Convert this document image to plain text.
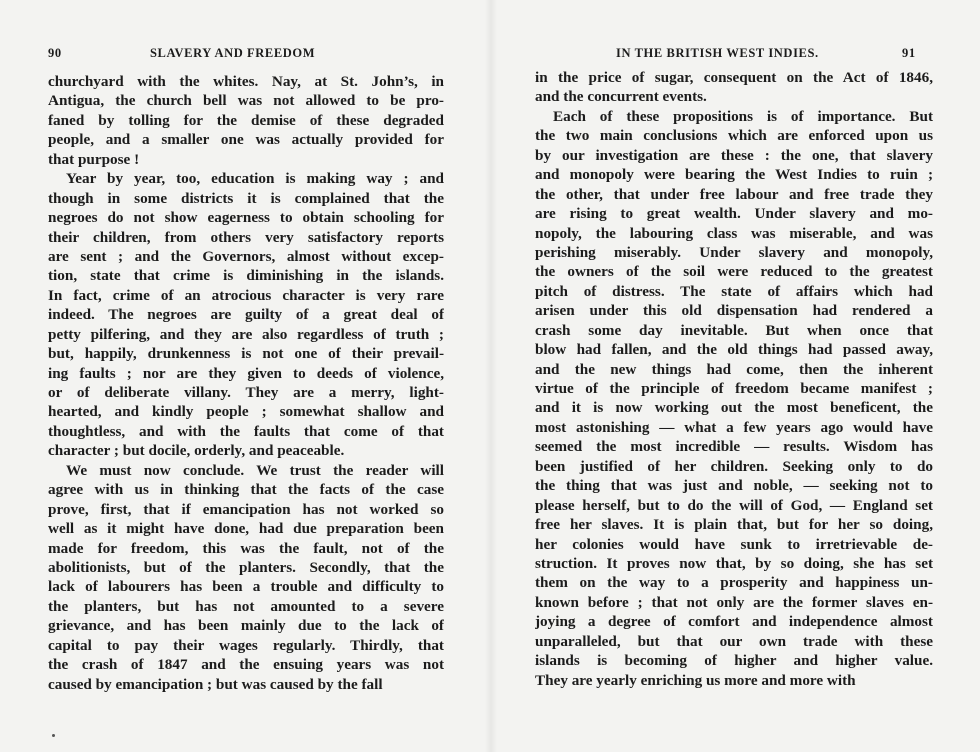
90	SLAVERY AND FREEDOM
churchyard with the whites. Nay, at St. John’s, in
Antigua, the church bell was not allowed to be pro-
faned by tolling for the demise of these degraded
people, and a smaller one was actually provided for
that purpose !
Year by year, too, education is making way ; and
though in some districts it is complained that the
negroes do not show eagerness to obtain schooling for
their children, from others very satisfactory reports
are sent ; and the Governors, almost without excep-
tion, state that crime is diminishing in the islands.
In fact, crime of an atrocious character is very rare
indeed. The negroes are guilty of a great deal of
petty pilfering, and they are also regardless of truth ;
but, happily, drunkenness is not one of their prevail-
ing faults ; nor are they given to deeds of violence,
or of deliberate villany. They are a merry, light-
hearted, and kindly people ; somewhat shallow and
thoughtless, and with the faults that come of that
character ; but docile, orderly, and peaceable.
We must now conclude. We trust the reader will
agree with us in thinking that the facts of the case
prove, first, that if emancipation has not worked so
well as it might have done, had due preparation been
made for freedom, this was the fault, not of the
abolitionists, but of the planters. Secondly, that the
lack of labourers has been a trouble and difficulty to
the planters, but has not amounted to a severe
grievance, and has been mainly due to the lack of
capital to pay their wages regularly. Thirdly, that
the crash of 1847 and the ensuing years was not
caused by emancipation ; but was caused by the fall
IN THE BRITISH WEST INDIES.	91
in the price of sugar, consequent on the Act of 1846,
and the concurrent events.
Each of these propositions is of importance. But
the two main conclusions which are enforced upon us
by our investigation are these : the one, that slavery
and monopoly were bearing the West Indies to ruin ;
the other, that under free labour and free trade they
are rising to great wealth. Under slavery and mo-
nopoly, the labouring class was miserable, and was
perishing miserably. Under slavery and monopoly,
the owners of the soil were reduced to the greatest
pitch of distress. The state of affairs which had
arisen under this old dispensation had rendered a
crash some day inevitable. But when once that
blow had fallen, and the old things had passed away,
and the new things had come, then the inherent
virtue of the principle of freedom became manifest ;
and it is now working out the most beneficent, the
most astonishing — what a few years ago would have
seemed the most incredible — results. Wisdom has
been justified of her children. Seeking only to do
the thing that was just and noble, — seeking not to
please herself, but to do the will of God, — England set
free her slaves. It is plain that, but for her so doing,
her colonies would have sunk to irretrievable de-
struction. It proves now that, by so doing, she has set
them on the way to a prosperity and happiness un-
known before ; that not only are the former slaves en-
joying a degree of comfort and independence almost
unparalleled, but that our own trade with these
islands is becoming of higher and higher value.
They are yearly enriching us more and more with
